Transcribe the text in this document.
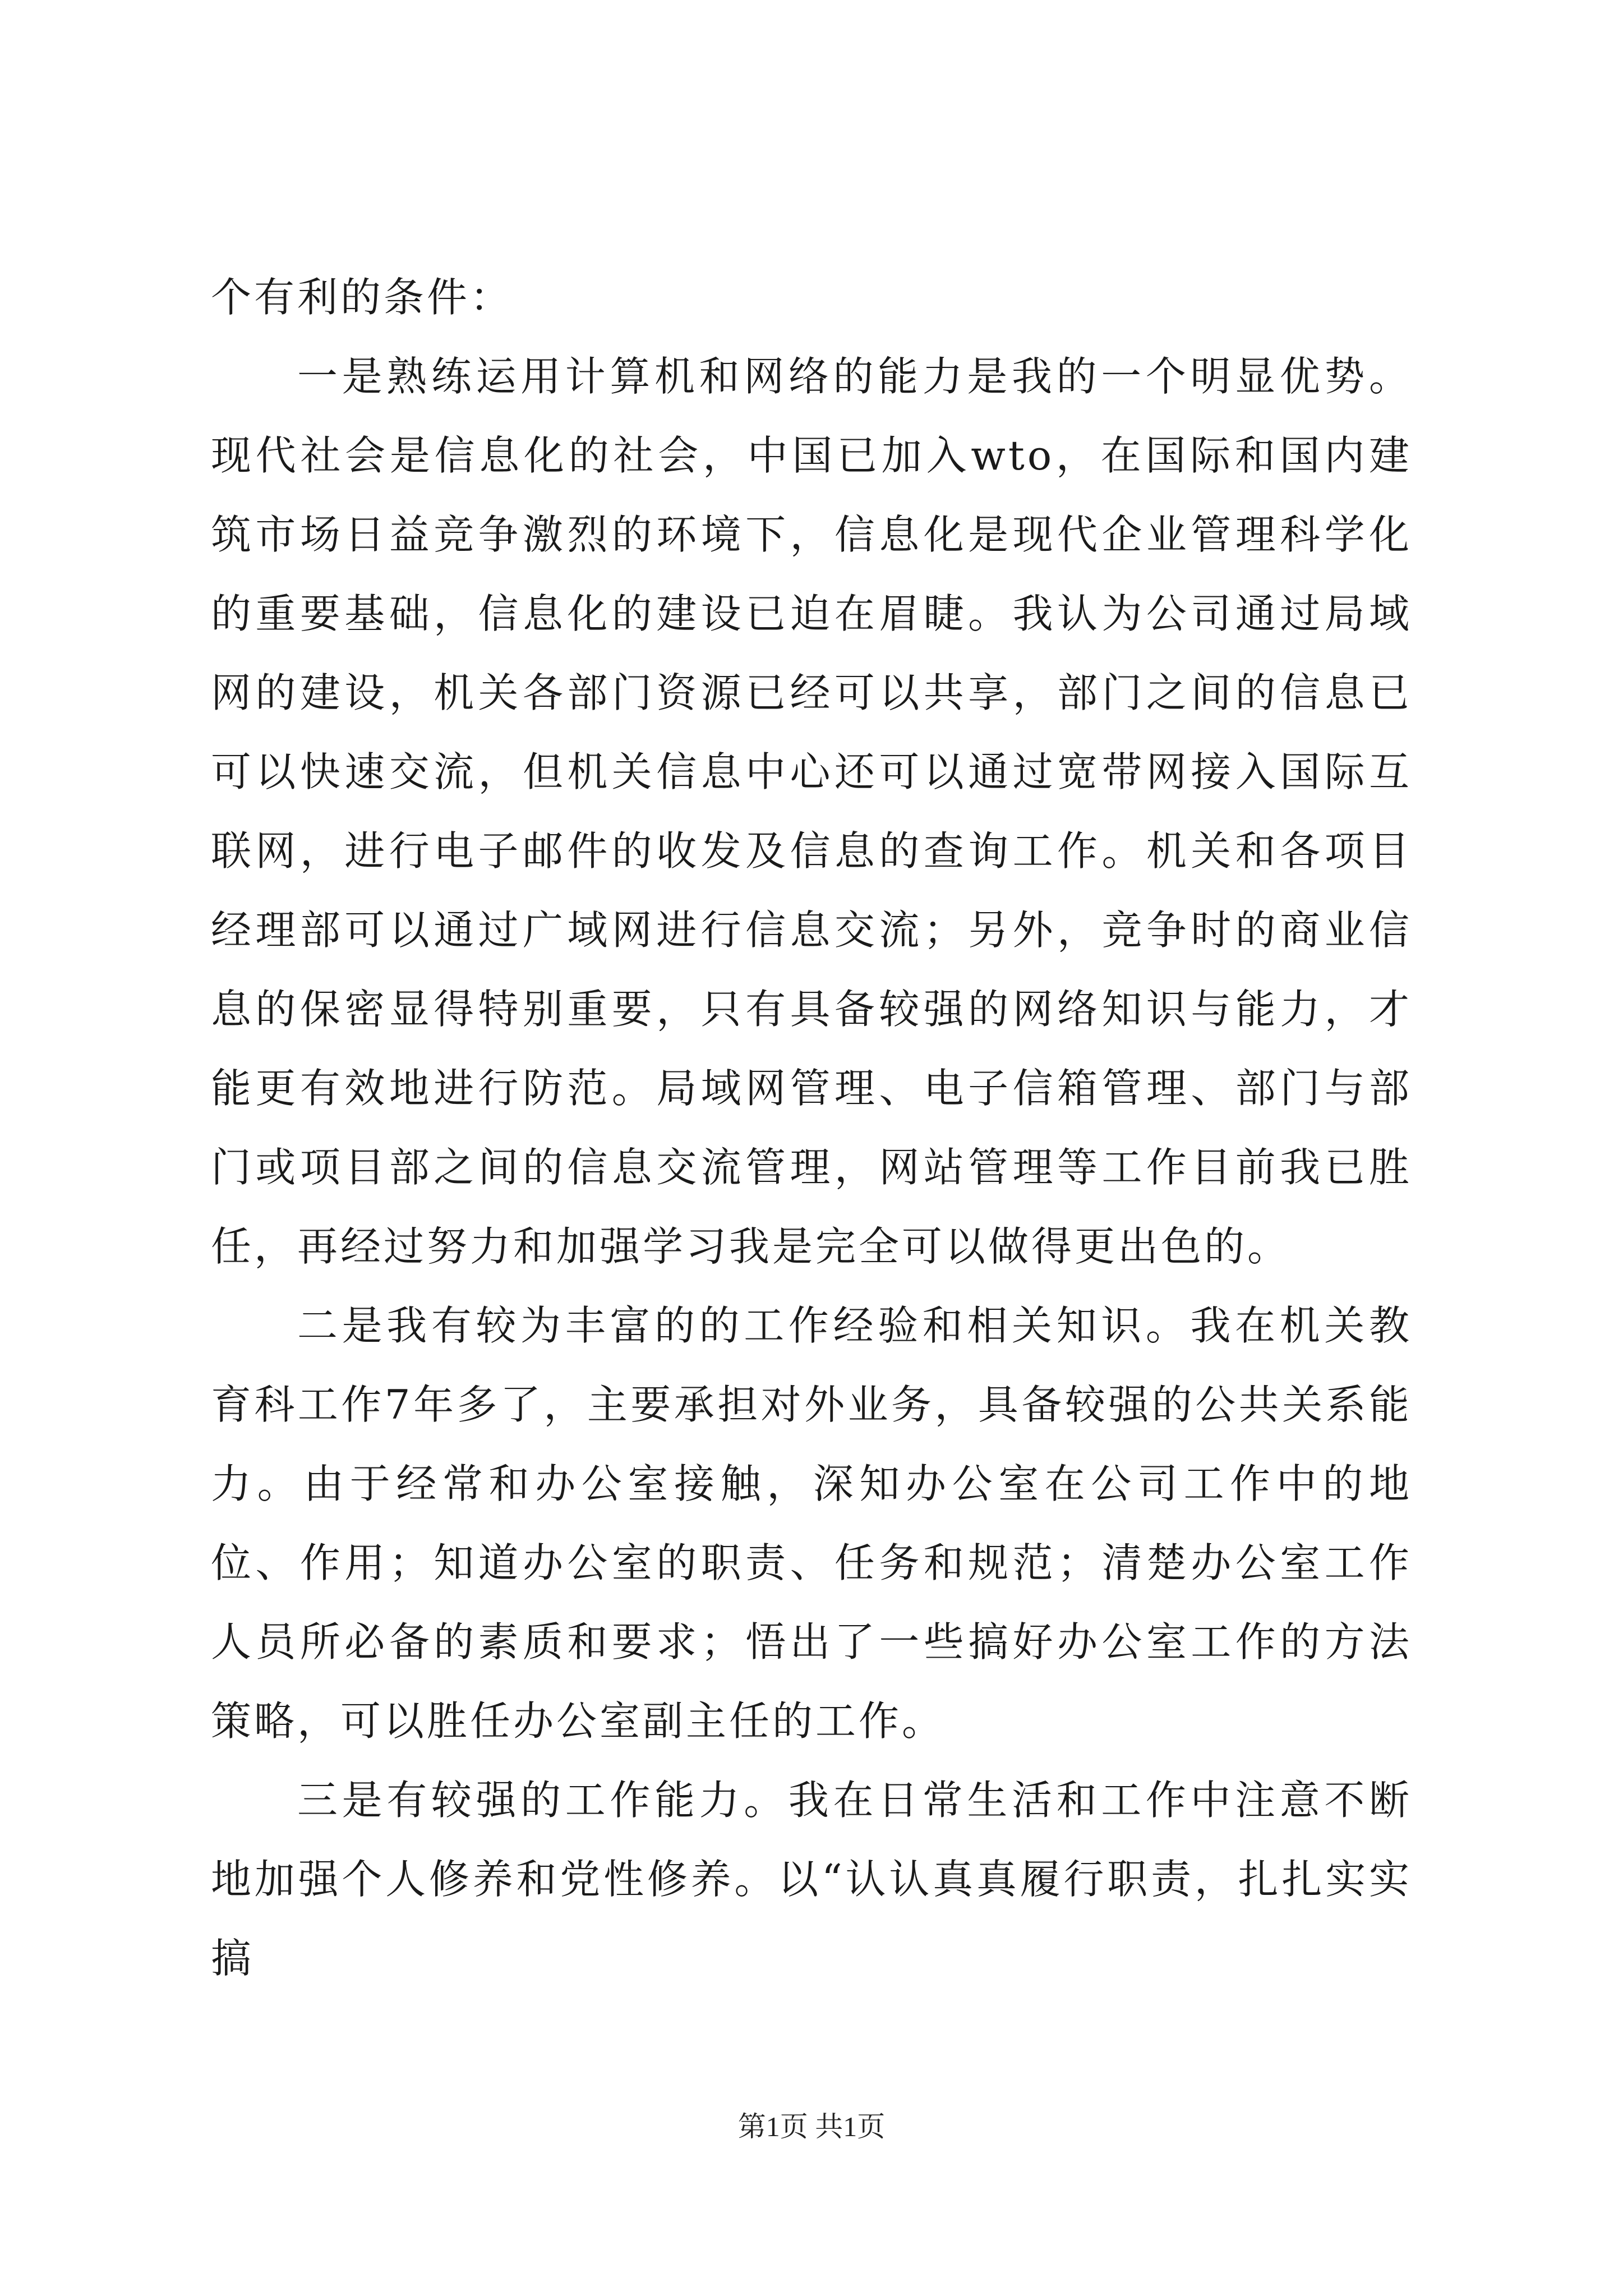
个有利的条件：

一是熟练运用计算机和网络的能力是我的一个明显优势。现代社会是信息化的社会，中国已加入wto，在国际和国内建筑市场日益竞争激烈的环境下，信息化是现代企业管理科学化的重要基础，信息化的建设已迫在眉睫。我认为公司通过局域网的建设，机关各部门资源已经可以共享，部门之间的信息已可以快速交流，但机关信息中心还可以通过宽带网接入国际互联网，进行电子邮件的收发及信息的查询工作。机关和各项目经理部可以通过广域网进行信息交流；另外，竞争时的商业信息的保密显得特别重要，只有具备较强的网络知识与能力，才能更有效地进行防范。局域网管理、电子信箱管理、部门与部门或项目部之间的信息交流管理，网站管理等工作目前我已胜任，再经过努力和加强学习我是完全可以做得更出色的。

二是我有较为丰富的的工作经验和相关知识。我在机关教育科工作7年多了，主要承担对外业务，具备较强的公共关系能力。由于经常和办公室接触，深知办公室在公司工作中的地位、作用；知道办公室的职责、任务和规范；清楚办公室工作人员所必备的素质和要求；悟出了一些搞好办公室工作的方法策略，可以胜任办公室副主任的工作。

三是有较强的工作能力。我在日常生活和工作中注意不断地加强个人修养和党性修养。以“认认真真履行职责，扎扎实实搞

第1页 共1页
